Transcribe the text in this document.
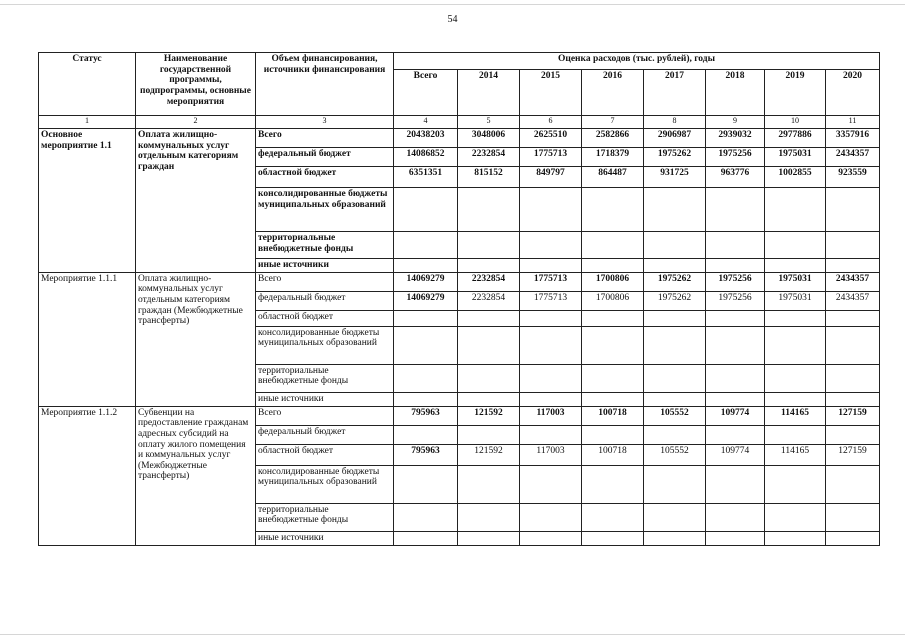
54
Статус	Наименование государственной программы, подпрограммы, основные мероприятия	Объем финансирования, источники финансирования	Оценка расходов (тыс. рублей), годы							
			Всего	2014	2015	2016	2017	2018	2019	2020
1	2	3	4	5	6	7	8	9	10	11
Основное мероприятие 1.1	Оплата жилищно-коммунальных услуг отдельным категориям граждан	Всего	20438203	3048006	2625510	2582866	2906987	2939032	2977886	3357916
		федеральный бюджет	14086852	2232854	1775713	1718379	1975262	1975256	1975031	2434357
		областной бюджет	6351351	815152	849797	864487	931725	963776	1002855	923559
		консолидированные бюджеты муниципальных образований								
		территориальные внебюджетные фонды								
		иные источники								
Мероприятие 1.1.1	Оплата жилищно-коммунальных услуг отдельным категориям граждан (Межбюджетные трансферты)	Всего	14069279	2232854	1775713	1700806	1975262	1975256	1975031	2434357
		федеральный бюджет	14069279	2232854	1775713	1700806	1975262	1975256	1975031	2434357
		областной бюджет								
		консолидированные бюджеты муниципальных образований								
		территориальные внебюджетные фонды								
		иные источники								
Мероприятие 1.1.2	Субвенции на предоставление гражданам адресных субсидий на оплату жилого помещения и коммунальных услуг (Межбюджетные трансферты)	Всего	795963	121592	117003	100718	105552	109774	114165	127159
		федеральный бюджет								
		областной бюджет	795963	121592	117003	100718	105552	109774	114165	127159
		консолидированные бюджеты муниципальных образований								
		территориальные внебюджетные фонды								
		иные источники								
